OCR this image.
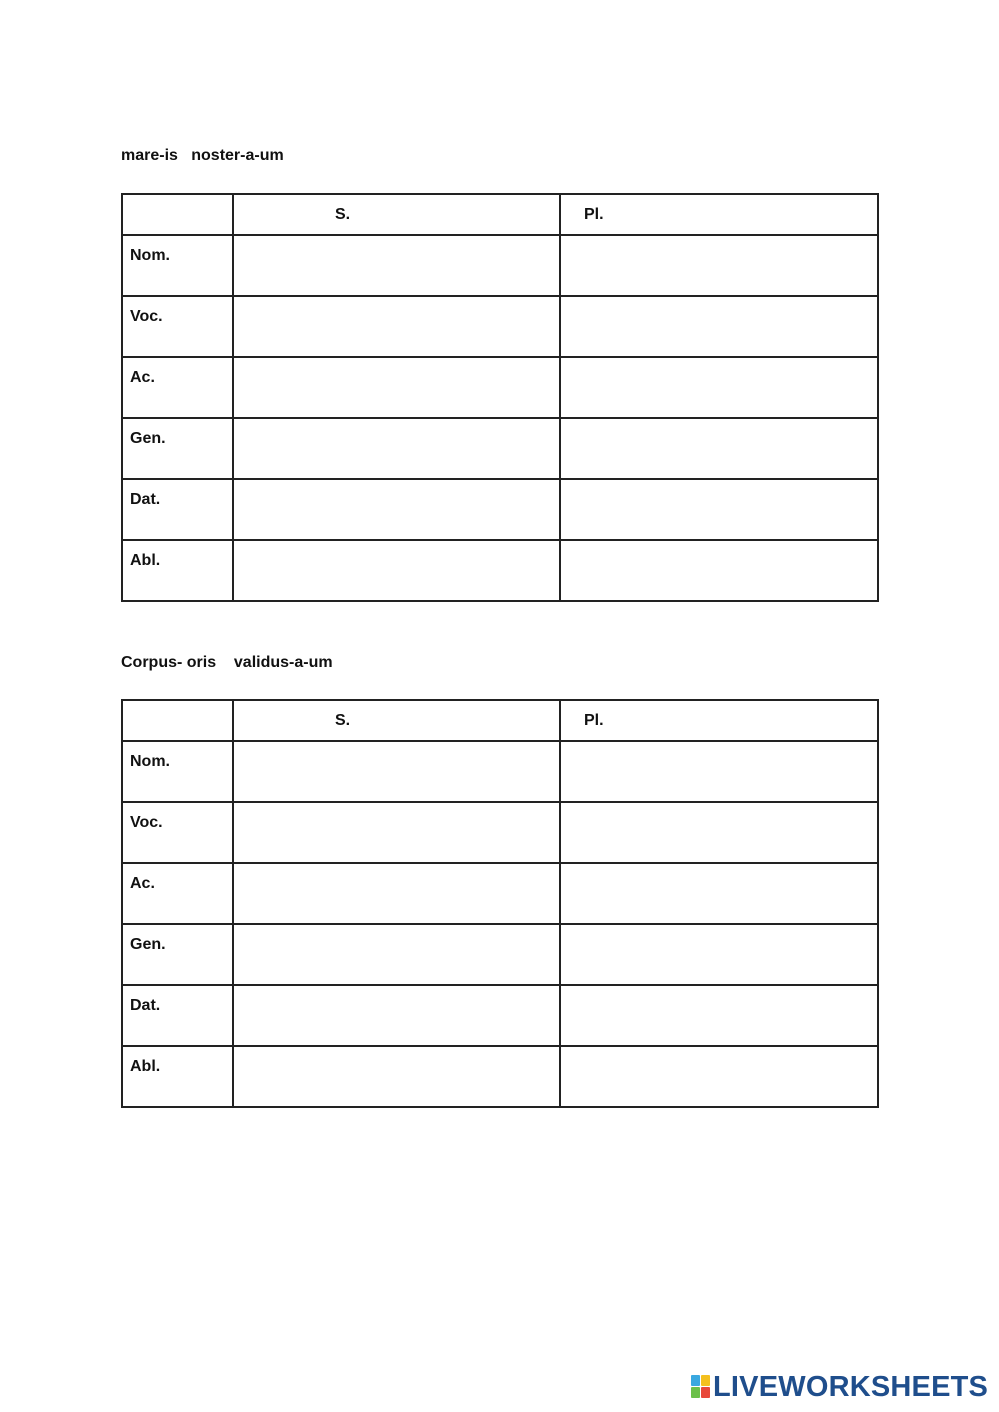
mare-is   noster-a-um

	S.	Pl.

Nom.		

Voc.		

Ac.		

Gen.		

Dat.		

Abl.		

Corpus- oris    validus-a-um

	S.	Pl.

Nom.		

Voc.		

Ac.		

Gen.		

Dat.		

Abl.		

LIVEWORKSHEETS
